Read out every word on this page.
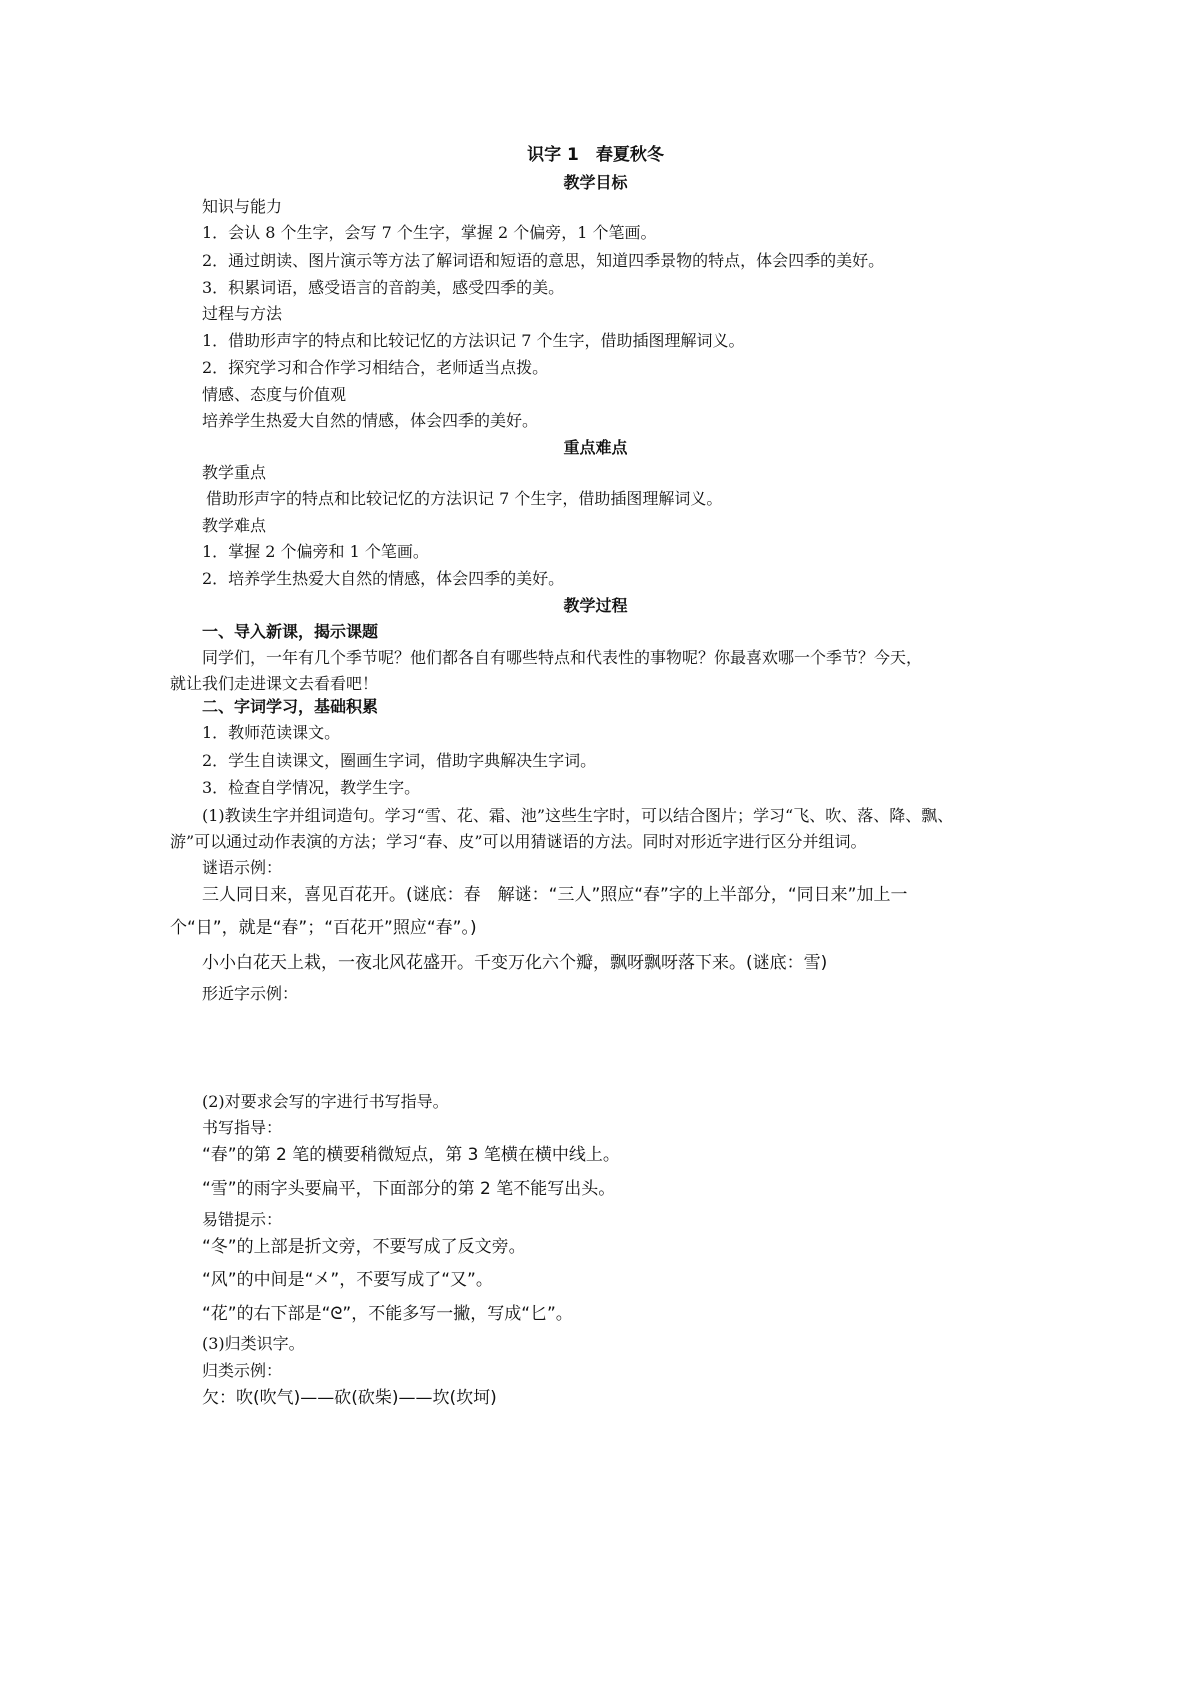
识字 1　春夏秋冬
教学目标
知识与能力
1．会认 8 个生字，会写 7 个生字，掌握 2 个偏旁，1 个笔画。
2．通过朗读、图片演示等方法了解词语和短语的意思，知道四季景物的特点，体会四季的美好。
3．积累词语，感受语言的音韵美，感受四季的美。
过程与方法
1．借助形声字的特点和比较记忆的方法识记 7 个生字，借助插图理解词义。
2．探究学习和合作学习相结合，老师适当点拨。
情感、态度与价值观
培养学生热爱大自然的情感，体会四季的美好。
重点难点
教学重点
借助形声字的特点和比较记忆的方法识记 7 个生字，借助插图理解词义。
教学难点
1．掌握 2 个偏旁和 1 个笔画。
2．培养学生热爱大自然的情感，体会四季的美好。
教学过程
一、导入新课，揭示课题
同学们，一年有几个季节呢？他们都各自有哪些特点和代表性的事物呢？你最喜欢哪一个季节？今天，
就让我们走进课文去看看吧！
二、字词学习，基础积累
1．教师范读课文。
2．学生自读课文，圈画生字词，借助字典解决生字词。
3．检查自学情况，教学生字。
(1)教读生字并组词造句。学习“雪、花、霜、池”这些生字时，可以结合图片；学习“飞、吹、落、降、飘、
游”可以通过动作表演的方法；学习“春、皮”可以用猜谜语的方法。同时对形近字进行区分并组词。
谜语示例：
三人同日来，喜见百花开。(谜底：春　解谜：“三人”照应“春”字的上半部分，“同日来”加上一
个“日”，就是“春”；“百花开”照应“春”。)
小小白花天上栽，一夜北风花盛开。千变万化六个瓣，飘呀飘呀落下来。(谜底：雪)
形近字示例：
(2)对要求会写的字进行书写指导。
书写指导：
“春”的第 2 笔的横要稍微短点，第 3 笔横在横中线上。
“雪”的雨字头要扁平，下面部分的第 2 笔不能写出头。
易错提示：
“冬”的上部是折文旁，不要写成了反文旁。
“风”的中间是“㐅”，不要写成了“又”。
“花”的右下部是“ᘓ”，不能多写一撇，写成“匕”。
(3)归类识字。
归类示例：
欠：吹(吹气)——砍(砍柴)——坎(坎坷)
